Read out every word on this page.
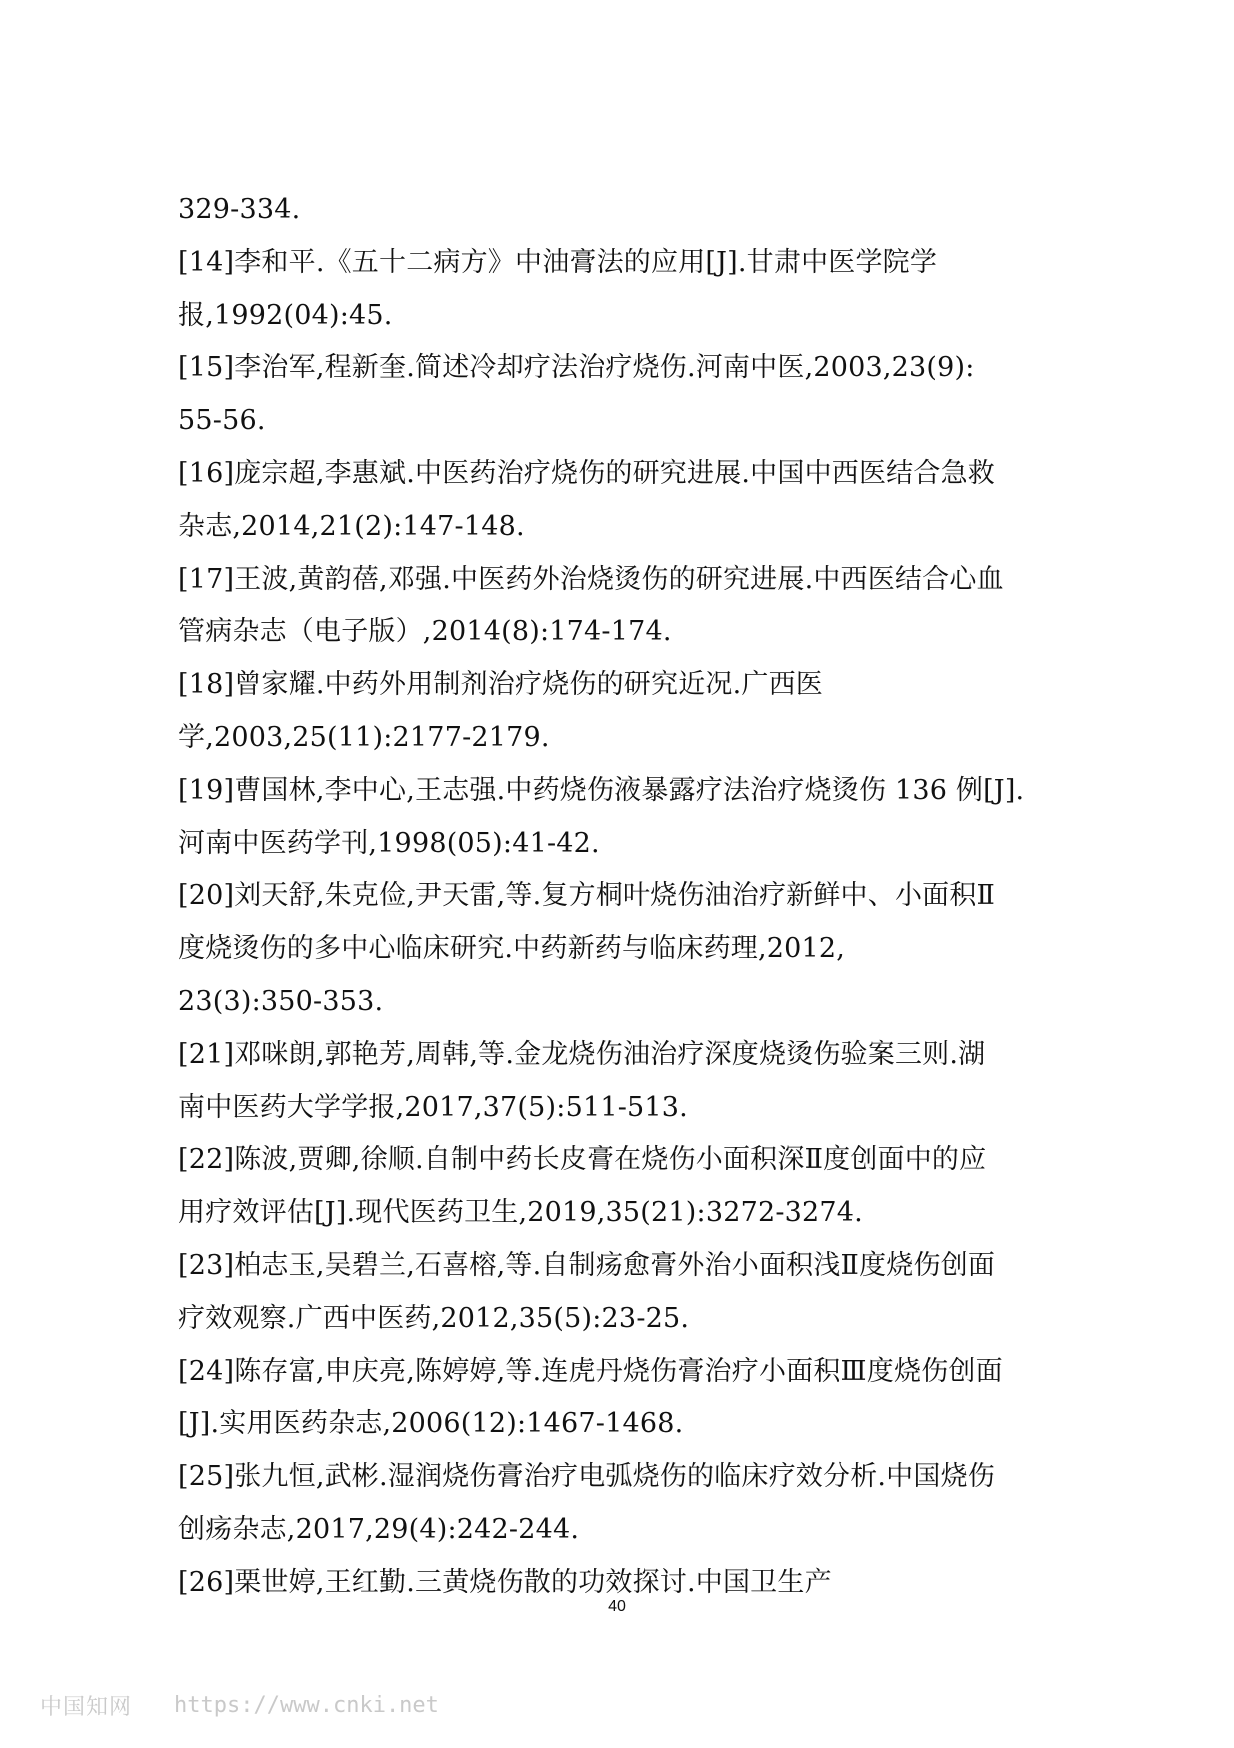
329-334.
[14]李和平.《五十二病方》中油膏法的应用[J].甘肃中医学院学
报,1992(04):45.
[15]李治军,程新奎.简述冷却疗法治疗烧伤.河南中医,2003,23(9):
55-56.
[16]庞宗超,李惠斌.中医药治疗烧伤的研究进展.中国中西医结合急救
杂志,2014,21(2):147-148.
[17]王波,黄韵蓓,邓强.中医药外治烧烫伤的研究进展.中西医结合心血
管病杂志（电子版）,2014(8):174-174.
[18]曾家耀.中药外用制剂治疗烧伤的研究近况.广西医
学,2003,25(11):2177-2179.
[19]曹国林,李中心,王志强.中药烧伤液暴露疗法治疗烧烫伤 136 例[J].
河南中医药学刊,1998(05):41-42.
[20]刘天舒,朱克俭,尹天雷,等.复方桐叶烧伤油治疗新鲜中、小面积Ⅱ
度烧烫伤的多中心临床研究.中药新药与临床药理,2012,
23(3):350-353.
[21]邓咪朗,郭艳芳,周韩,等.金龙烧伤油治疗深度烧烫伤验案三则.湖
南中医药大学学报,2017,37(5):511-513.
[22]陈波,贾卿,徐顺.自制中药长皮膏在烧伤小面积深Ⅱ度创面中的应
用疗效评估[J].现代医药卫生,2019,35(21):3272-3274.
[23]柏志玉,吴碧兰,石喜榕,等.自制疡愈膏外治小面积浅Ⅱ度烧伤创面
疗效观察.广西中医药,2012,35(5):23-25.
[24]陈存富,申庆亮,陈婷婷,等.连虎丹烧伤膏治疗小面积Ⅲ度烧伤创面
[J].实用医药杂志,2006(12):1467-1468.
[25]张九恒,武彬.湿润烧伤膏治疗电弧烧伤的临床疗效分析.中国烧伤
创疡杂志,2017,29(4):242-244.
[26]栗世婷,王红勤.三黄烧伤散的功效探讨.中国卫生产
40
中国知网 https://www.cnki.net
